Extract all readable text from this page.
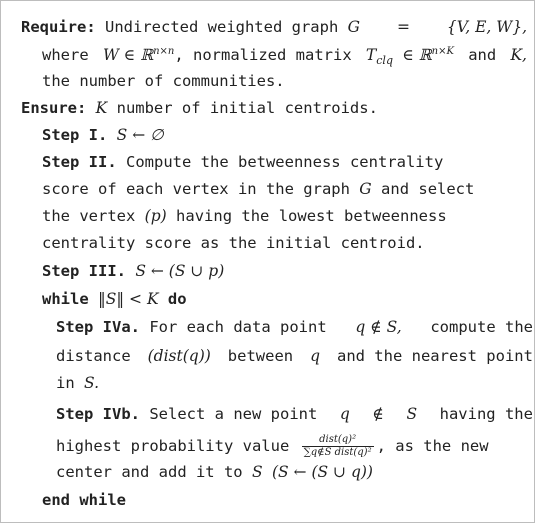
Require: Undirected weighted graph G = {V, E, W},
where W ∈ ℝ$^{n\times n}$, normalized matrix $T_{clq}$ ∈ ℝ$^{n\times K}$ and K,
the number of communities.
Ensure: K number of initial centroids.
Step I. S ← ∅
Step II. Compute the betweenness centrality
score of each vertex in the graph G and select
the vertex (p) having the lowest betweenness
centrality score as the initial centroid.
Step III. S ← (S ∪ p)
while ‖S‖ < K do
Step IVa. For each data point q ∉ S, compute the
distance (dist(q)) between q and the nearest point
in S.
Step IVb. Select a new point q ∉ S having the
highest probability value $\frac{\text{dist(q)²}}{\text{∑q∉S dist(q)²}}$ , as the new
center and add it to S (S ← (S ∪ q))
end while
